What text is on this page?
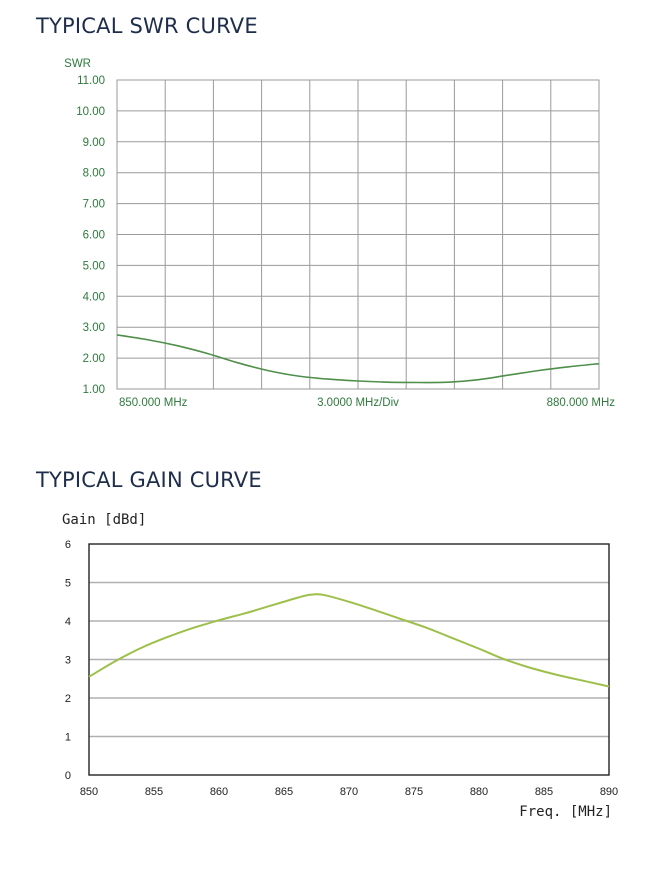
TYPICAL SWR CURVE
1.00
2.00
3.00
4.00
5.00
6.00
7.00
8.00
9.00
10.00
11.00
SWR
850.000 MHz	3.0000 MHz/Div	880.000 MHz
TYPICAL GAIN CURVE
0
1
2
3
4
5
6
850	855	860	865	870	875	880	885	890
Gain [dBd]
Freq. [MHz]
